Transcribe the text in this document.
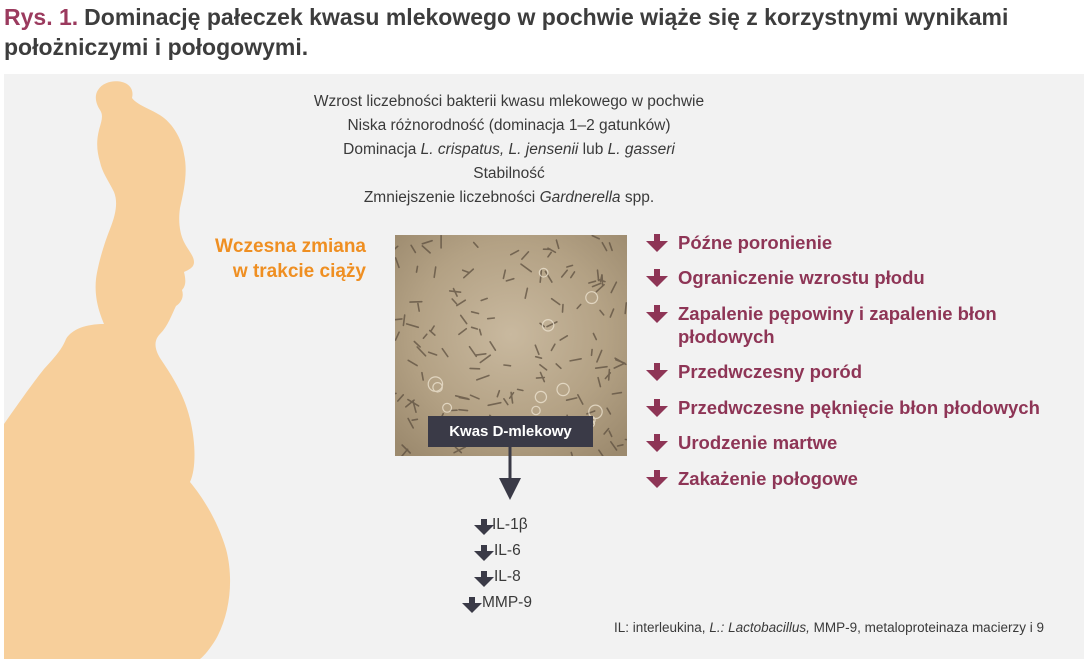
Rys. 1. Dominację pałeczek kwasu mlekowego w pochwie wiąże się z korzystnymi wynikami położniczymi i połogowymi.
Wzrost liczebności bakterii kwasu mlekowego w pochwie
Niska różnorodność (dominacja 1–2 gatunków)
Dominacja L. crispatus, L. jensenii lub L. gasseri
Stabilność
Zmniejszenie liczebności Gardnerella spp.
Wczesna zmiana
w trakcie ciąży
Kwas D-mlekowy
Późne poronienie
Ograniczenie wzrostu płodu
Zapalenie pępowiny i zapalenie błon płodowych
Przedwczesny poród
Przedwczesne pęknięcie błon płodowych
Urodzenie martwe
Zakażenie połogowe
IL-1β
IL-6
IL-8
MMP-9
IL: interleukina, L.: Lactobacillus, MMP-9, metaloproteinaza macierzy i 9
